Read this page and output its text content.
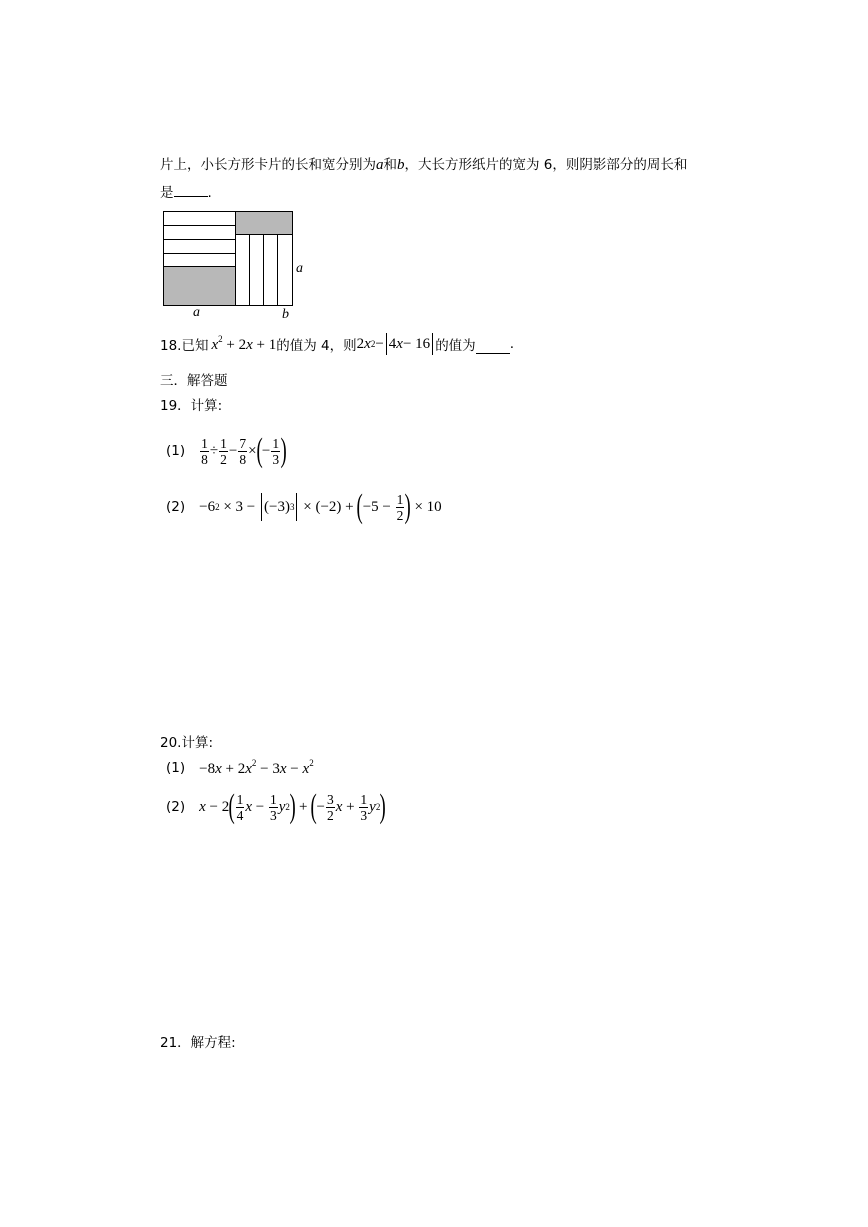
片上，小长方形卡片的长和宽分别为a和b，大长方形纸片的宽为 6，则阴影部分的周长和
是	.
a	b
a
18.已知 $x^2 + 2x + 1$ 的值为 4，则 2 x 2 − 4 x − 16 的值为	.
三．解答题
19．计算:
$(1) \frac{1}{8} \div \frac{1}{2} - \frac{7}{8}$ × ( − $\frac{1}{3}$ )
(2) −6 2 × 3 − ( −3 ) 3 × (−2) + ( $-5 - \frac{1}{2}$ ) × 10
20.计算:
$(1) -8x + 2x^2 - 3x - x^2$
(2) x − 2 ( $\frac{1}{4}$ $x - \frac{1}{3}$ y 2 ) + ( − $\frac{3}{2}$ $x + \frac{1}{3}$ y 2 )
21．解方程:
